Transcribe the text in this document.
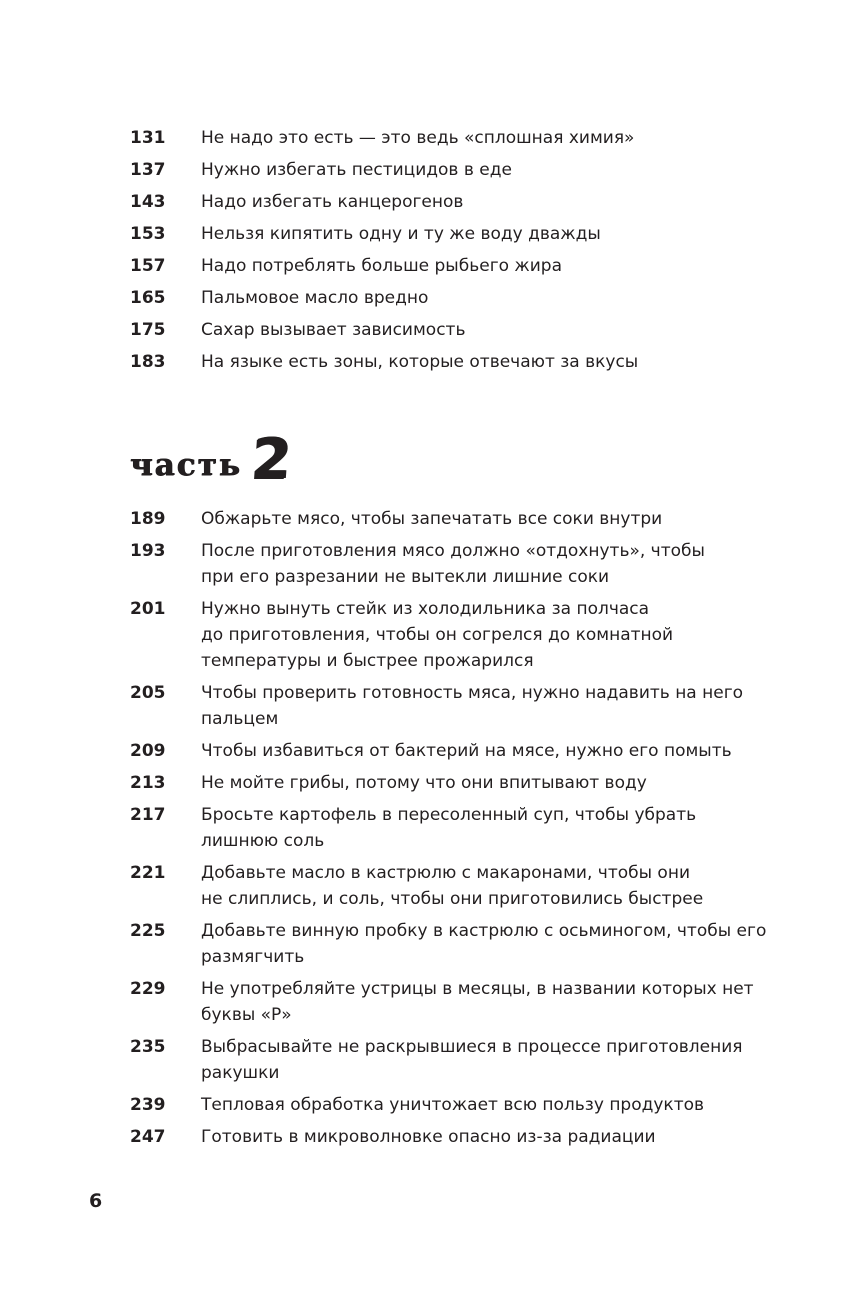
131	Не надо это есть — это ведь «сплошная химия»
137	Нужно избегать пестицидов в еде
143	Надо избегать канцерогенов
153	Нельзя кипятить одну и ту же воду дважды
157	Надо потреблять больше рыбьего жира
165	Пальмовое масло вредно
175	Сахар вызывает зависимость
183	На языке есть зоны, которые отвечают за вкусы
часть 2
189	Обжарьте мясо, чтобы запечатать все соки внутри
193	После приготовления мясо должно «отдохнуть», чтобы
при его разрезании не вытекли лишние соки
201	Нужно вынуть стейк из холодильника за полчаса
до приготовления, чтобы он согрелся до комнатной
температуры и быстрее прожарился
205	Чтобы проверить готовность мяса, нужно надавить на него
пальцем
209	Чтобы избавиться от бактерий на мясе, нужно его помыть
213	Не мойте грибы, потому что они впитывают воду
217	Бросьте картофель в пересоленный суп, чтобы убрать
лишнюю соль
221	Добавьте масло в кастрюлю с макаронами, чтобы они
не слиплись, и соль, чтобы они приготовились быстрее
225	Добавьте винную пробку в кастрюлю с осьминогом, чтобы его
размягчить
229	Не употребляйте устрицы в месяцы, в названии которых нет
буквы «Р»
235	Выбрасывайте не раскрывшиеся в процессе приготовления
ракушки
239	Тепловая обработка уничтожает всю пользу продуктов
247	Готовить в микроволновке опасно из-за радиации
6
